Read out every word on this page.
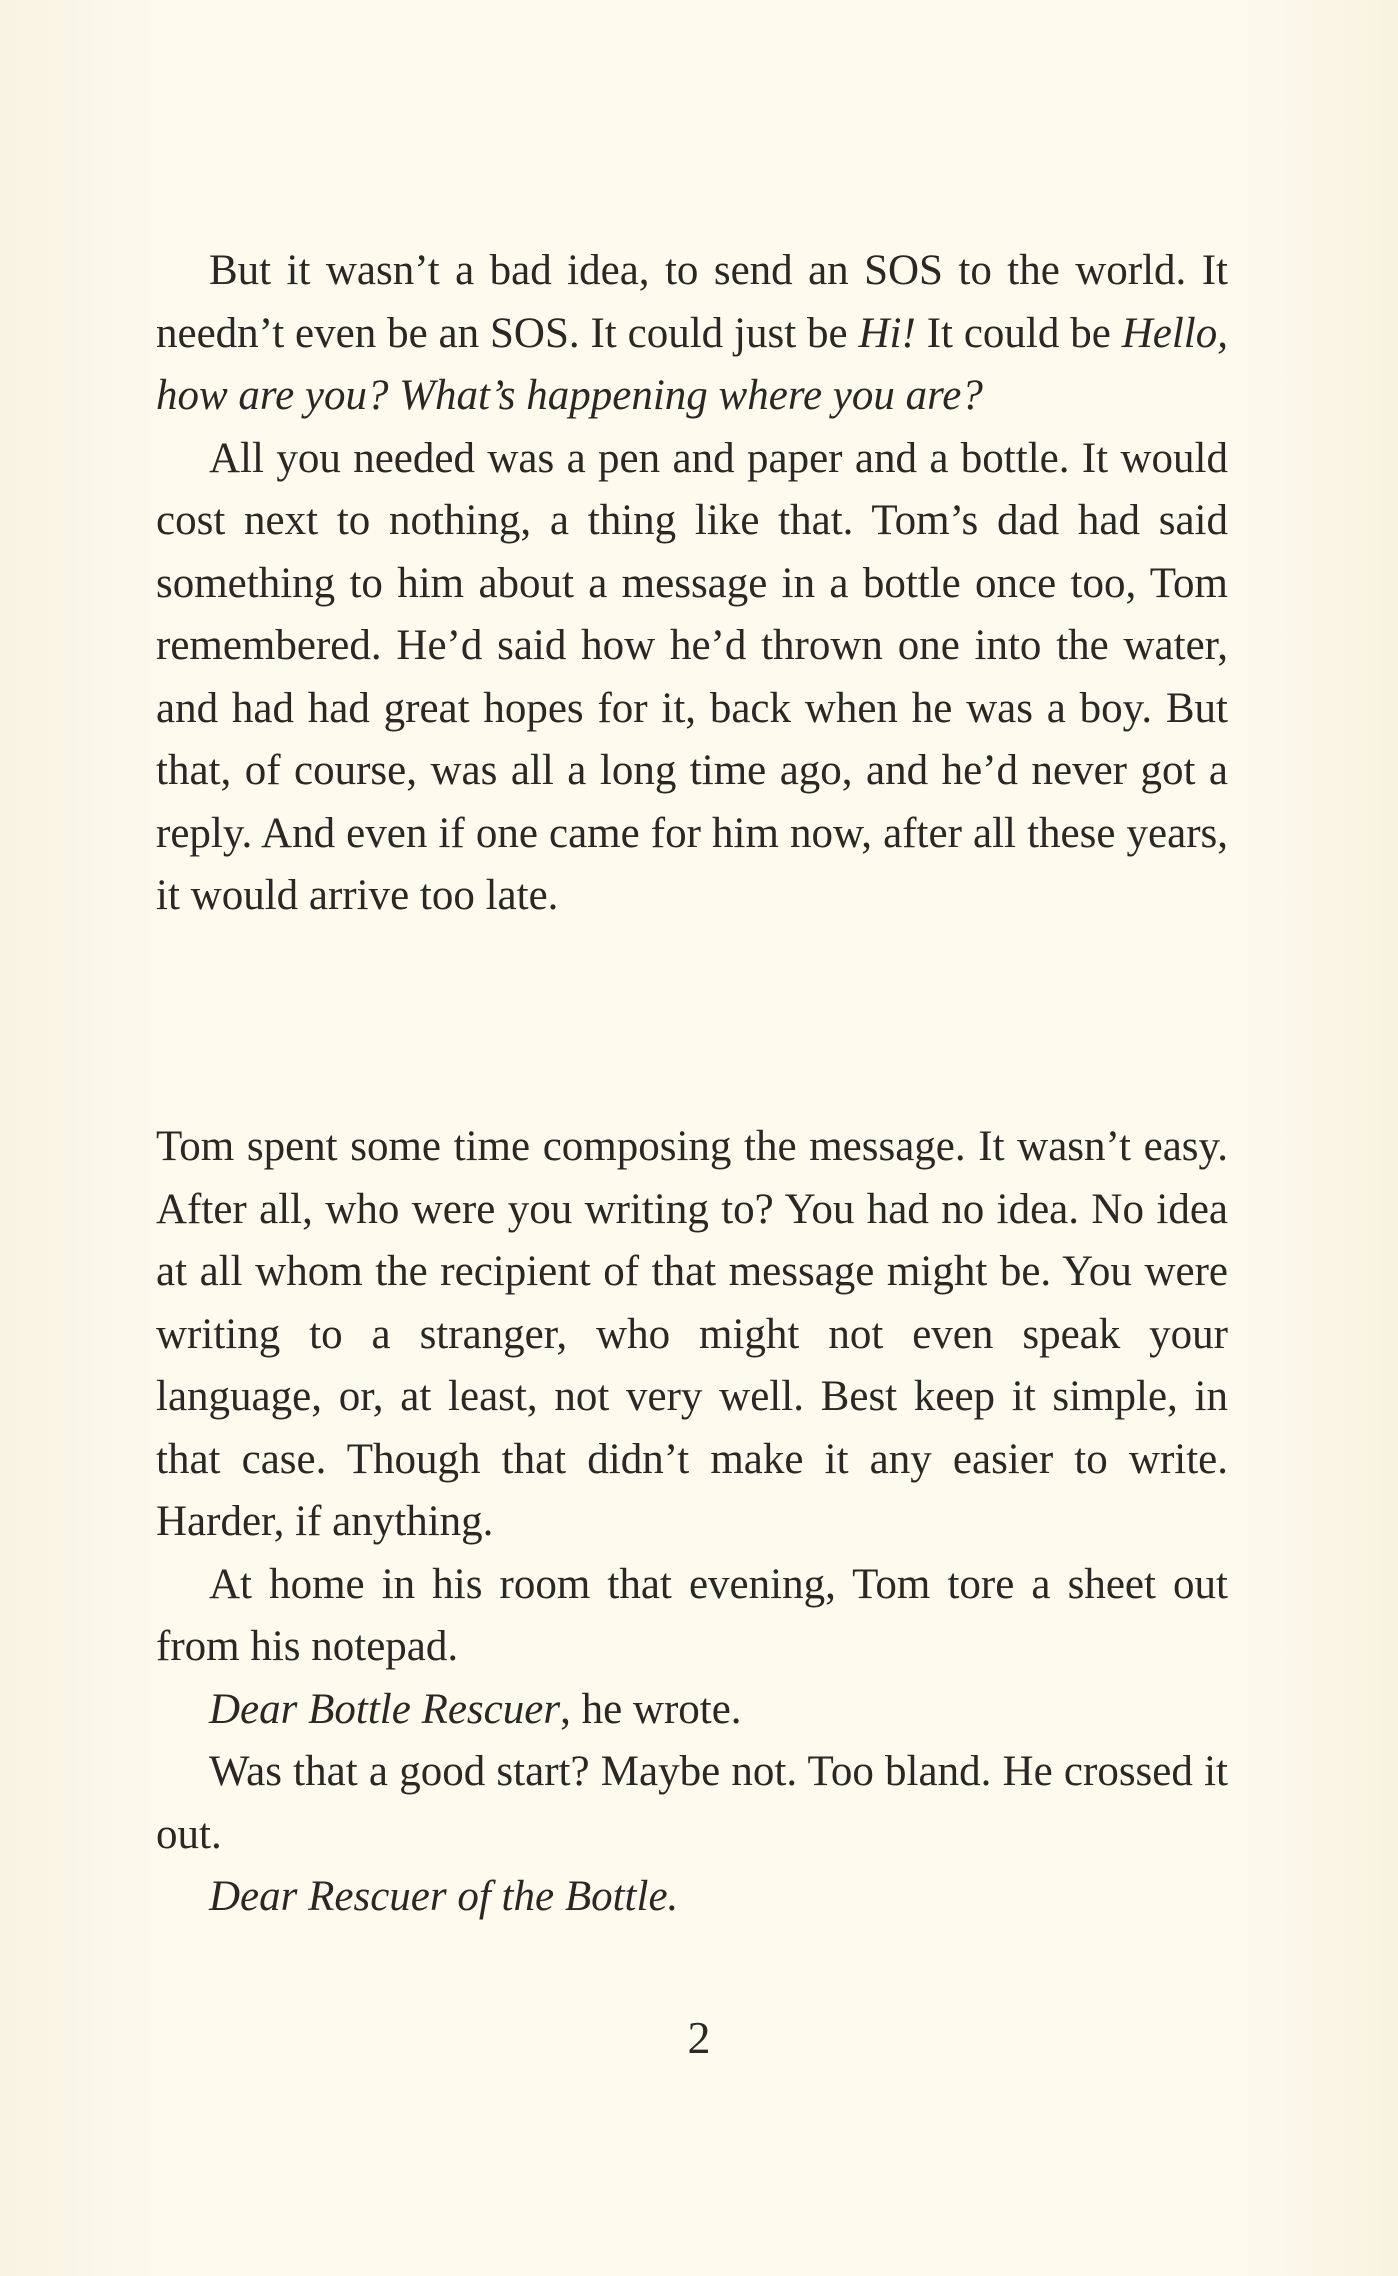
But it wasn’t a bad idea, to send an SOS to the world. It needn’t even be an SOS. It could just be Hi! It could be Hello, how are you? What’s happening where you are?

All you needed was a pen and paper and a bottle. It would cost next to nothing, a thing like that. Tom’s dad had said something to him about a message in a bottle once too, Tom remembered. He’d said how he’d thrown one into the water, and had had great hopes for it, back when he was a boy. But that, of course, was all a long time ago, and he’d never got a reply. And even if one came for him now, after all these years, it would arrive too late.

Tom spent some time composing the message. It wasn’t easy. After all, who were you writing to? You had no idea. No idea at all whom the recipient of that message might be. You were writing to a stranger, who might not even speak your language, or, at least, not very well. Best keep it simple, in that case. Though that didn’t make it any easier to write. Harder, if anything.

At home in his room that evening, Tom tore a sheet out from his notepad.

Dear Bottle Rescuer, he wrote.

Was that a good start? Maybe not. Too bland. He crossed it out.

Dear Rescuer of the Bottle.

2
